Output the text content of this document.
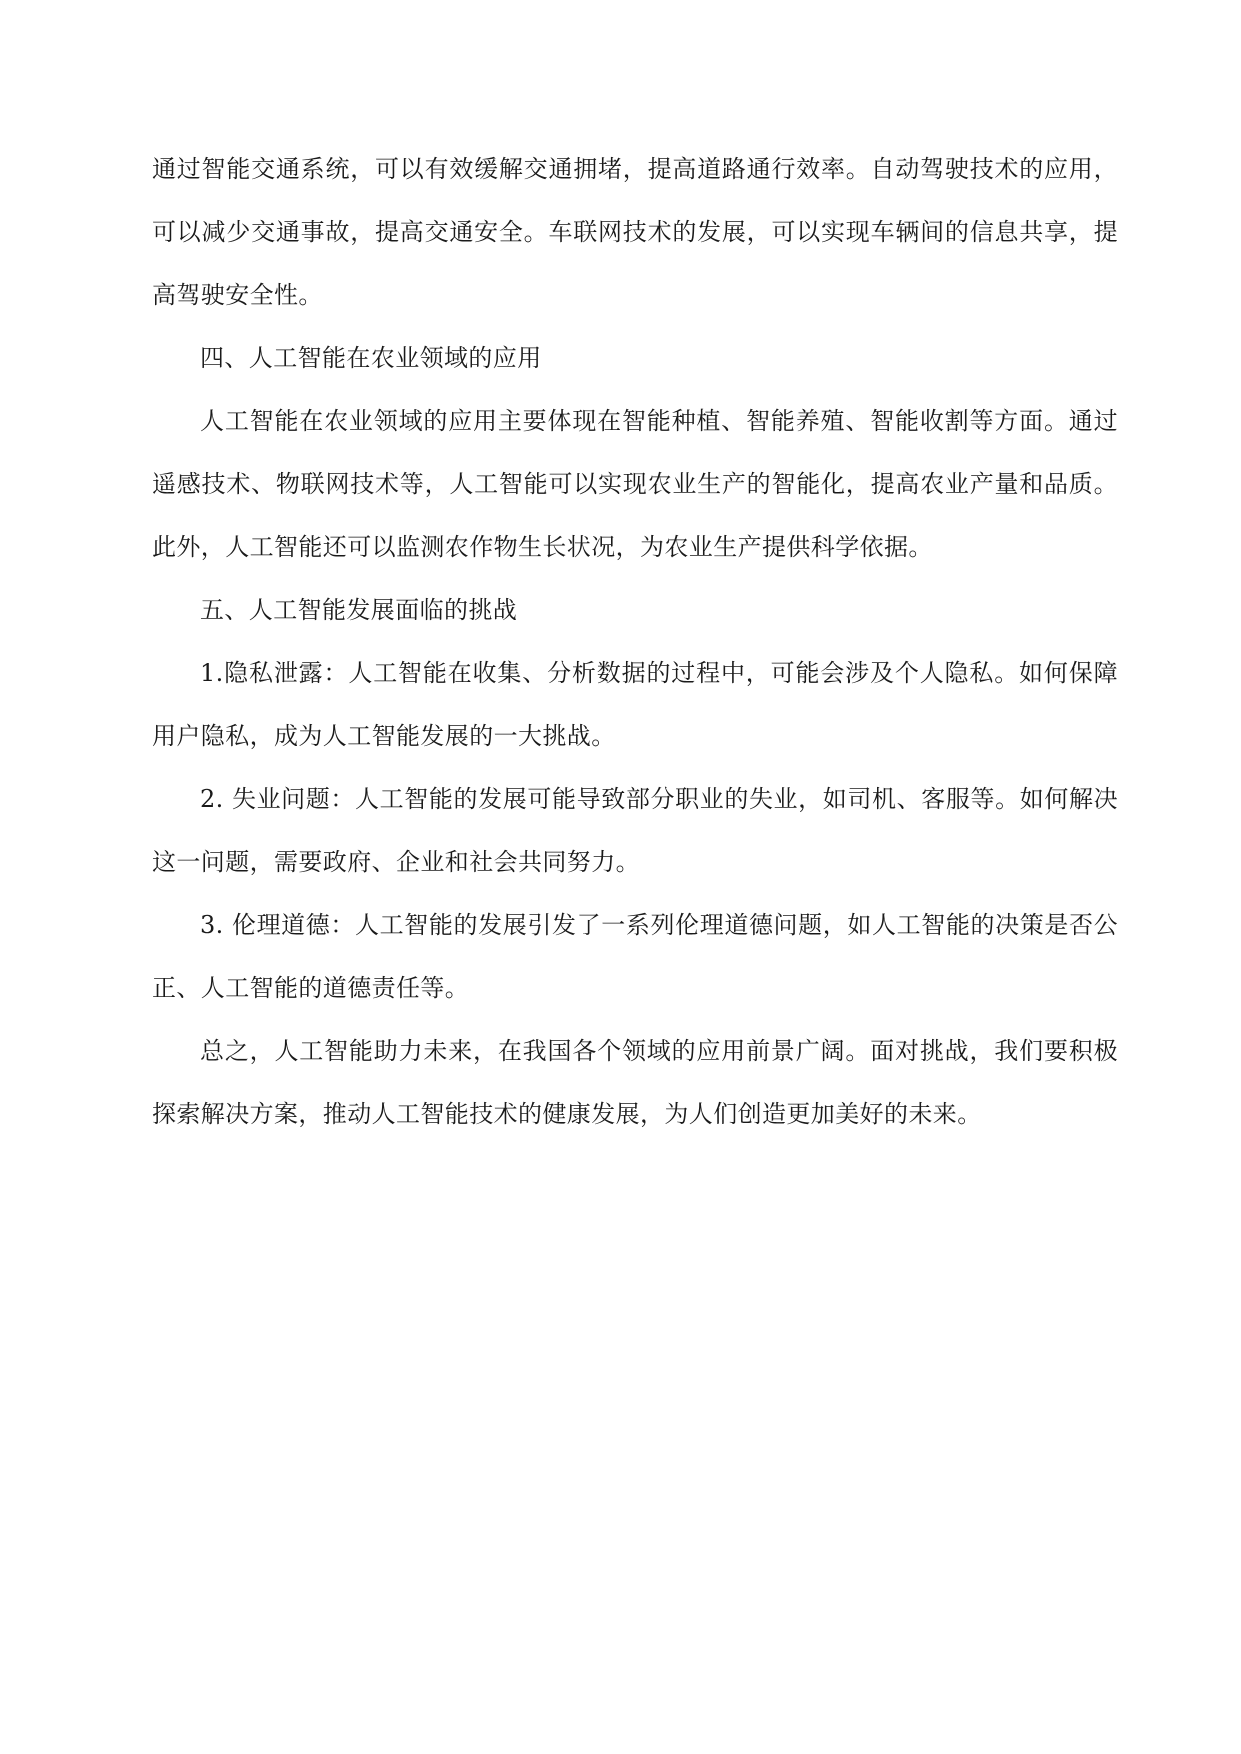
通过智能交通系统，可以有效缓解交通拥堵，提高道路通行效率。自动驾驶技术的应用，可以减少交通事故，提高交通安全。车联网技术的发展，可以实现车辆间的信息共享，提高驾驶安全性。

四、人工智能在农业领域的应用

人工智能在农业领域的应用主要体现在智能种植、智能养殖、智能收割等方面。通过遥感技术、物联网技术等，人工智能可以实现农业生产的智能化，提高农业产量和品质。此外，人工智能还可以监测农作物生长状况，为农业生产提供科学依据。

五、人工智能发展面临的挑战

1.隐私泄露：人工智能在收集、分析数据的过程中，可能会涉及个人隐私。如何保障用户隐私，成为人工智能发展的一大挑战。

2. 失业问题：人工智能的发展可能导致部分职业的失业，如司机、客服等。如何解决这一问题，需要政府、企业和社会共同努力。

3. 伦理道德：人工智能的发展引发了一系列伦理道德问题，如人工智能的决策是否公正、人工智能的道德责任等。

总之，人工智能助力未来，在我国各个领域的应用前景广阔。面对挑战，我们要积极探索解决方案，推动人工智能技术的健康发展，为人们创造更加美好的未来。
